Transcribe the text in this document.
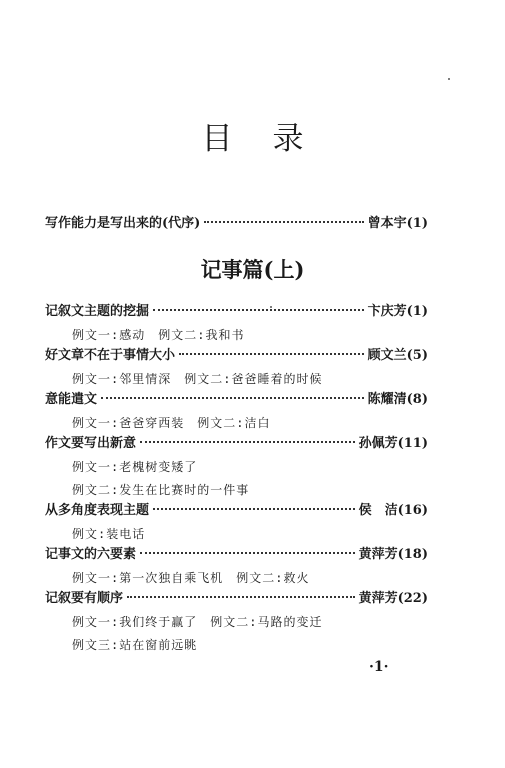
目录
写作能力是写出来的(代序)	曾本宇(1)
记事篇(上)
记叙文主题的挖掘	卞庆芳(1)
例文一:感动　例文二:我和书
好文章不在于事情大小	顾文兰(5)
例文一:邻里情深　例文二:爸爸睡着的时候
意能遣文	陈耀清(8)
例文一:爸爸穿西装　例文二:洁白
作文要写出新意	孙佩芳(11)
例文一:老槐树变矮了
例文二:发生在比赛时的一件事
从多角度表现主题	侯　洁(16)
例文:装电话
记事文的六要素	黄萍芳(18)
例文一:第一次独自乘飞机　例文二:救火
记叙要有顺序	黄萍芳(22)
例文一:我们终于赢了　例文二:马路的变迁
例文三:站在窗前远眺
·1·
